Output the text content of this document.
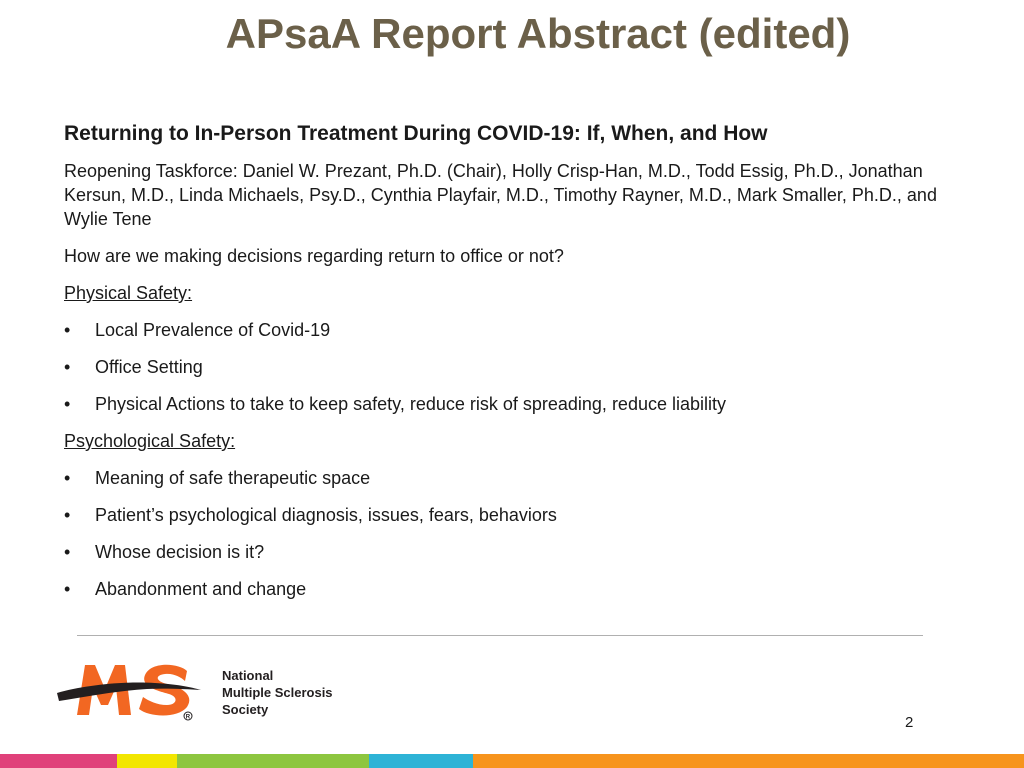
APsaA Report Abstract (edited)

Returning to In-Person Treatment During COVID-19: If, When, and How

Reopening Taskforce: Daniel W. Prezant, Ph.D. (Chair), Holly Crisp-Han, M.D., Todd Essig, Ph.D., Jonathan Kersun, M.D., Linda Michaels, Psy.D., Cynthia Playfair, M.D., Timothy Rayner, M.D., Mark Smaller, Ph.D., and Wylie Tene

How are we making decisions regarding return to office or not?

Physical Safety:

• Local Prevalence of Covid-19
• Office Setting
• Physical Actions to take to keep safety, reduce risk of spreading, reduce liability

Psychological Safety:

• Meaning of safe therapeutic space
• Patient’s psychological diagnosis, issues, fears, behaviors
• Whose decision is it?
• Abandonment and change
R
National
Multiple Sclerosis
Society
2
